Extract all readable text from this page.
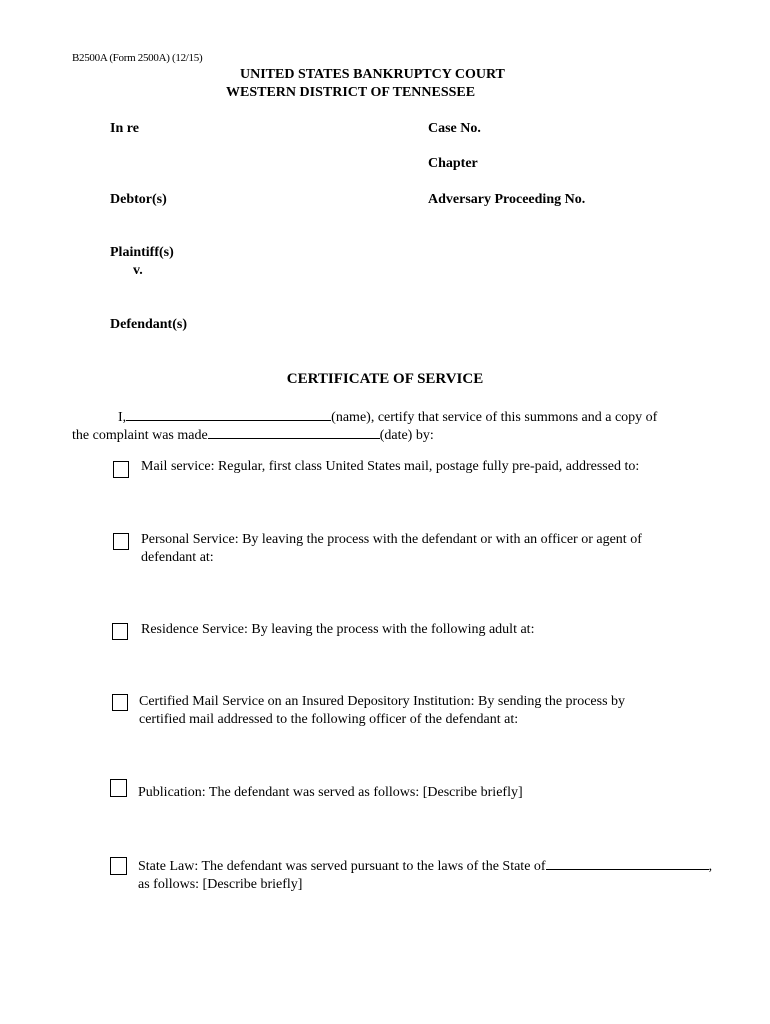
B2500A (Form 2500A) (12/15)
UNITED STATES BANKRUPTCY COURT
WESTERN DISTRICT OF TENNESSEE
In re	Case No.
Chapter
Debtor(s)	Adversary Proceeding No.
Plaintiff(s)
v.
Defendant(s)
CERTIFICATE OF SERVICE
I,	(name), certify that service of this summons and a copy of
the complaint was made	(date) by:
Mail service: Regular, first class United States mail, postage fully pre-paid, addressed to:
Personal Service: By leaving the process with the defendant or with an officer or agent of
defendant at:
Residence Service: By leaving the process with the following adult at:
Certified Mail Service on an Insured Depository Institution: By sending the process by
certified mail addressed to the following officer of the defendant at:
Publication: The defendant was served as follows: [Describe briefly]
State Law: The defendant was served pursuant to the laws of the State of	,
as follows: [Describe briefly]
